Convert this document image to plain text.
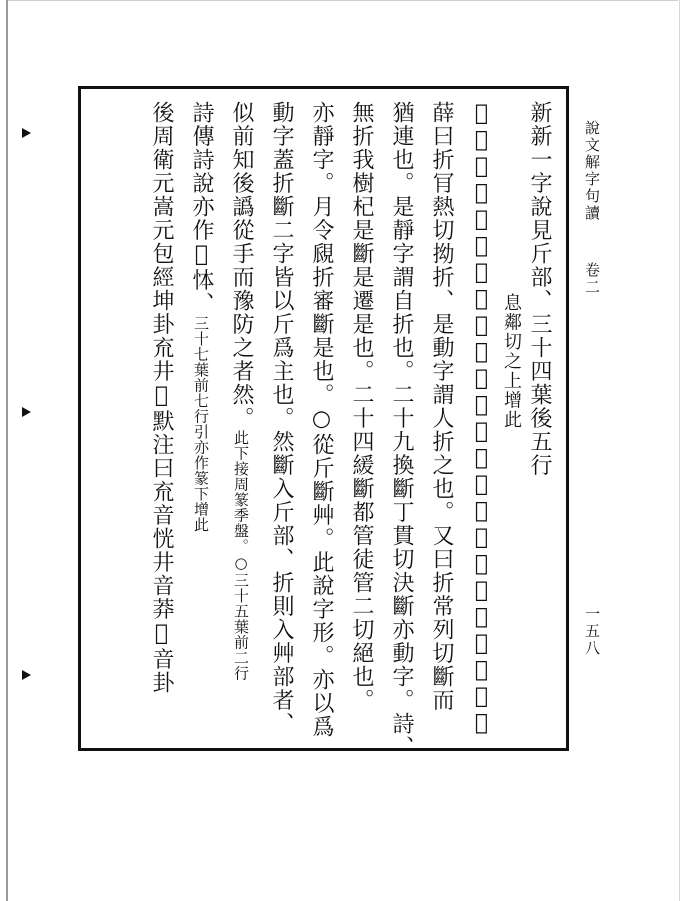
說文解字句讀
卷二
一五八
新新一字說見斤部、三十四葉後五行
息鄰切之上增此
𣂚斷也。折斷二字各有兩音兩義而皆相呼應。廣韻十七
薛曰折肎熱切拗折、是動字謂人折之也。又曰折常列切斷而
猶連也。是靜字謂自折也。二十九換斷丁貫切決斷亦動字。詩、
無折我樹杞是斷是遷是也。二十四緩斷都管徒管二切絕也。
亦靜字。月令覛折審斷是也。○從斤斷艸。此說字形。亦以爲
動字蓋折斷二字皆以斤爲主也。然斷入斤部、折則入艸部者、
似前知後譌從手而豫防之者然。此下接周篆季盤。○三十五葉前二行
詩傳詩說亦作𣂚㤓、三十七葉前七行引亦作篆下增此
後周衛元嵩元包經坤卦㐬井𡉈默注曰㐬音恍井音莽𡉈音卦
